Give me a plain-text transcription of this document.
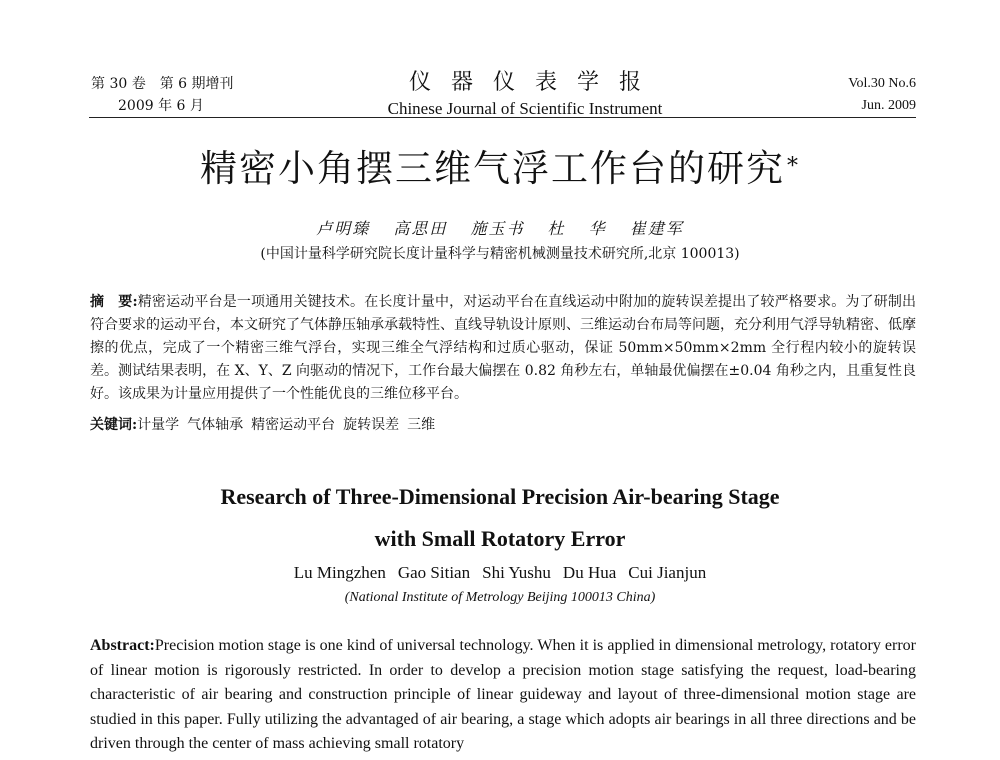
第 30 卷　第 6 期增刊
2009 年 6 月
仪器仪表学报
Chinese Journal of Scientific Instrument
Vol.30 No.6
Jun. 2009
精密小角摆三维气浮工作台的研究*
卢明臻 高思田 施玉书 杜 华 崔建军
(中国计量科学研究院长度计量科学与精密机械测量技术研究所,北京 100013)
摘　要:精密运动平台是一项通用关键技术。在长度计量中，对运动平台在直线运动中附加的旋转误差提出了较严格要求。为了研制出符合要求的运动平台，本文研究了气体静压轴承承载特性、直线导轨设计原则、三维运动台布局等问题，充分利用气浮导轨精密、低摩擦的优点，完成了一个精密三维气浮台，实现三维全气浮结构和过质心驱动，保证 50mm×50mm×2mm 全行程内较小的旋转误差。测试结果表明，在 X、Y、Z 向驱动的情况下，工作台最大偏摆在 0.82 角秒左右，单轴最优偏摆在±0.04 角秒之内，且重复性良好。该成果为计量应用提供了一个性能优良的三维位移平台。
关键词:计量学 气体轴承 精密运动平台 旋转误差 三维
Research of Three-Dimensional Precision Air-bearing Stage
with Small Rotatory Error
Lu Mingzhen Gao Sitian Shi Yushu Du Hua Cui Jianjun
(National Institute of Metrology Beijing 100013 China)
Abstract:Precision motion stage is one kind of universal technology. When it is applied in dimensional metrology, rotatory error of linear motion is rigorously restricted. In order to develop a precision motion stage satisfying the request, load-bearing characteristic of air bearing and construction principle of linear guideway and layout of three-dimensional motion stage are studied in this paper. Fully utilizing the advantaged of air bearing, a stage which adopts air bearings in all three directions and be driven through the center of mass achieving small rotatory
